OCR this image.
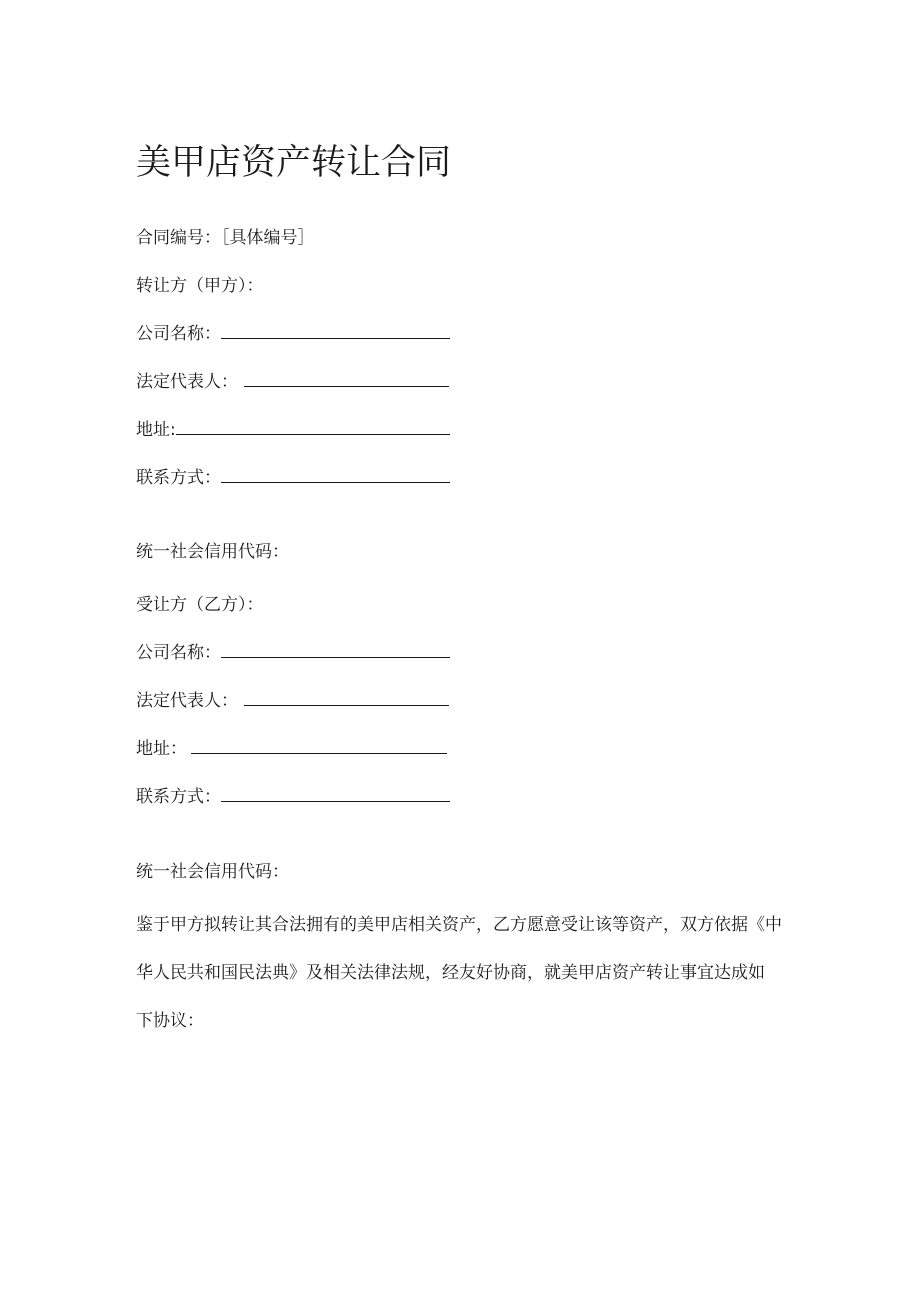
美甲店资产转让合同
合同编号：［具体编号］
转让方（甲方）：
公司名称：
法定代表人：
地址:
联系方式：
统一社会信用代码：
受让方（乙方）：
公司名称：
法定代表人：
地址：
联系方式：
统一社会信用代码：
鉴于甲方拟转让其合法拥有的美甲店相关资产，乙方愿意受让该等资产，双方依据《中
华人民共和国民法典》及相关法律法规，经友好协商，就美甲店资产转让事宜达成如
下协议：
